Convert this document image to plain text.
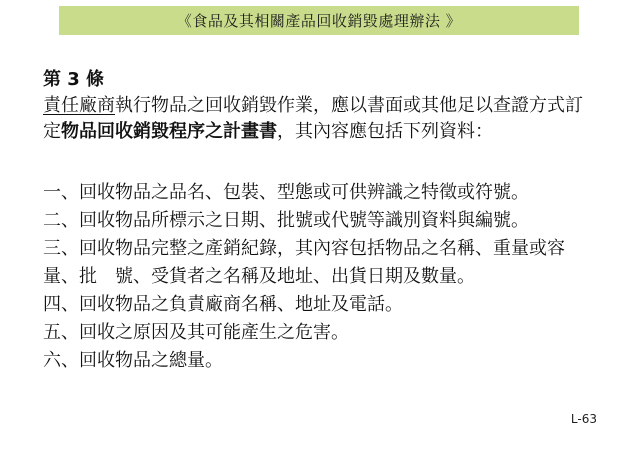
《食品及其相關產品回收銷毀處理辦法 》
第 3 條
責任廠商執行物品之回收銷毀作業，應以書面或其他足以查證方式訂
定物品回收銷毀程序之計畫書，其內容應包括下列資料：
一、回收物品之品名、包裝、型態或可供辨識之特徵或符號。
二、回收物品所標示之日期、批號或代號等識別資料與編號。
三、回收物品完整之產銷紀錄，其內容包括物品之名稱、重量或容
量、批　號、受貨者之名稱及地址、出貨日期及數量。
四、回收物品之負責廠商名稱、地址及電話。
五、回收之原因及其可能產生之危害。
六、回收物品之總量。
L-63
